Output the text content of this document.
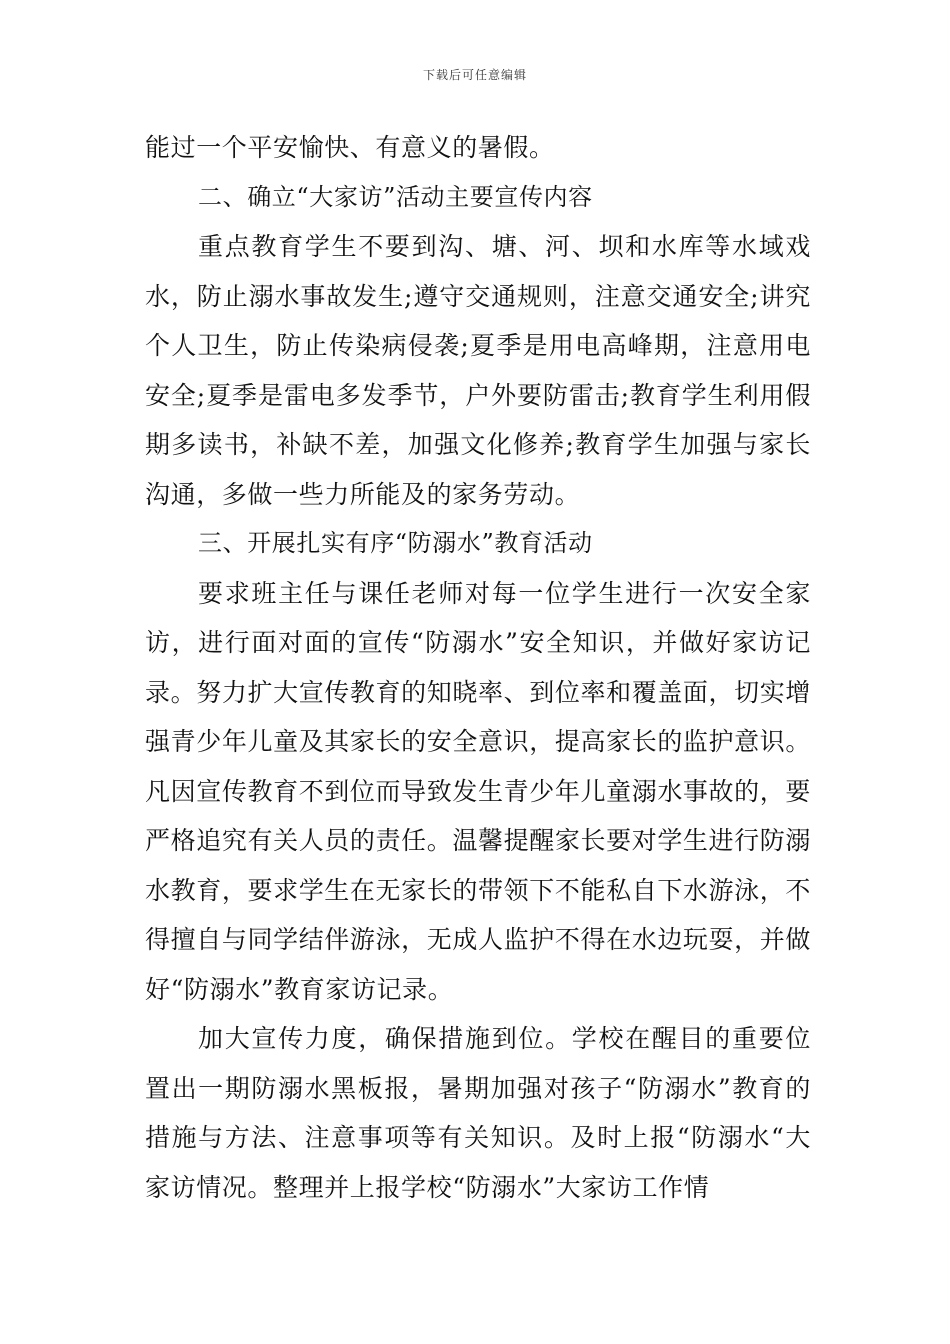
下载后可任意编辑

能过一个平安愉快、有意义的暑假。

二、确立“大家访”活动主要宣传内容

重点教育学生不要到沟、塘、河、坝和水库等水域戏水，防止溺水事故发生;遵守交通规则，注意交通安全;讲究个人卫生，防止传染病侵袭;夏季是用电高峰期，注意用电安全;夏季是雷电多发季节，户外要防雷击;教育学生利用假期多读书，补缺不差，加强文化修养;教育学生加强与家长沟通，多做一些力所能及的家务劳动。

三、开展扎实有序“防溺水”教育活动

要求班主任与课任老师对每一位学生进行一次安全家访，进行面对面的宣传“防溺水”安全知识，并做好家访记录。努力扩大宣传教育的知晓率、到位率和覆盖面，切实增强青少年儿童及其家长的安全意识，提高家长的监护意识。凡因宣传教育不到位而导致发生青少年儿童溺水事故的，要严格追究有关人员的责任。温馨提醒家长要对学生进行防溺水教育，要求学生在无家长的带领下不能私自下水游泳，不得擅自与同学结伴游泳，无成人监护不得在水边玩耍，并做好“防溺水”教育家访记录。

加大宣传力度，确保措施到位。学校在醒目的重要位置出一期防溺水黑板报，暑期加强对孩子“防溺水”教育的措施与方法、注意事项等有关知识。及时上报“防溺水“大家访情况。整理并上报学校“防溺水”大家访工作情
